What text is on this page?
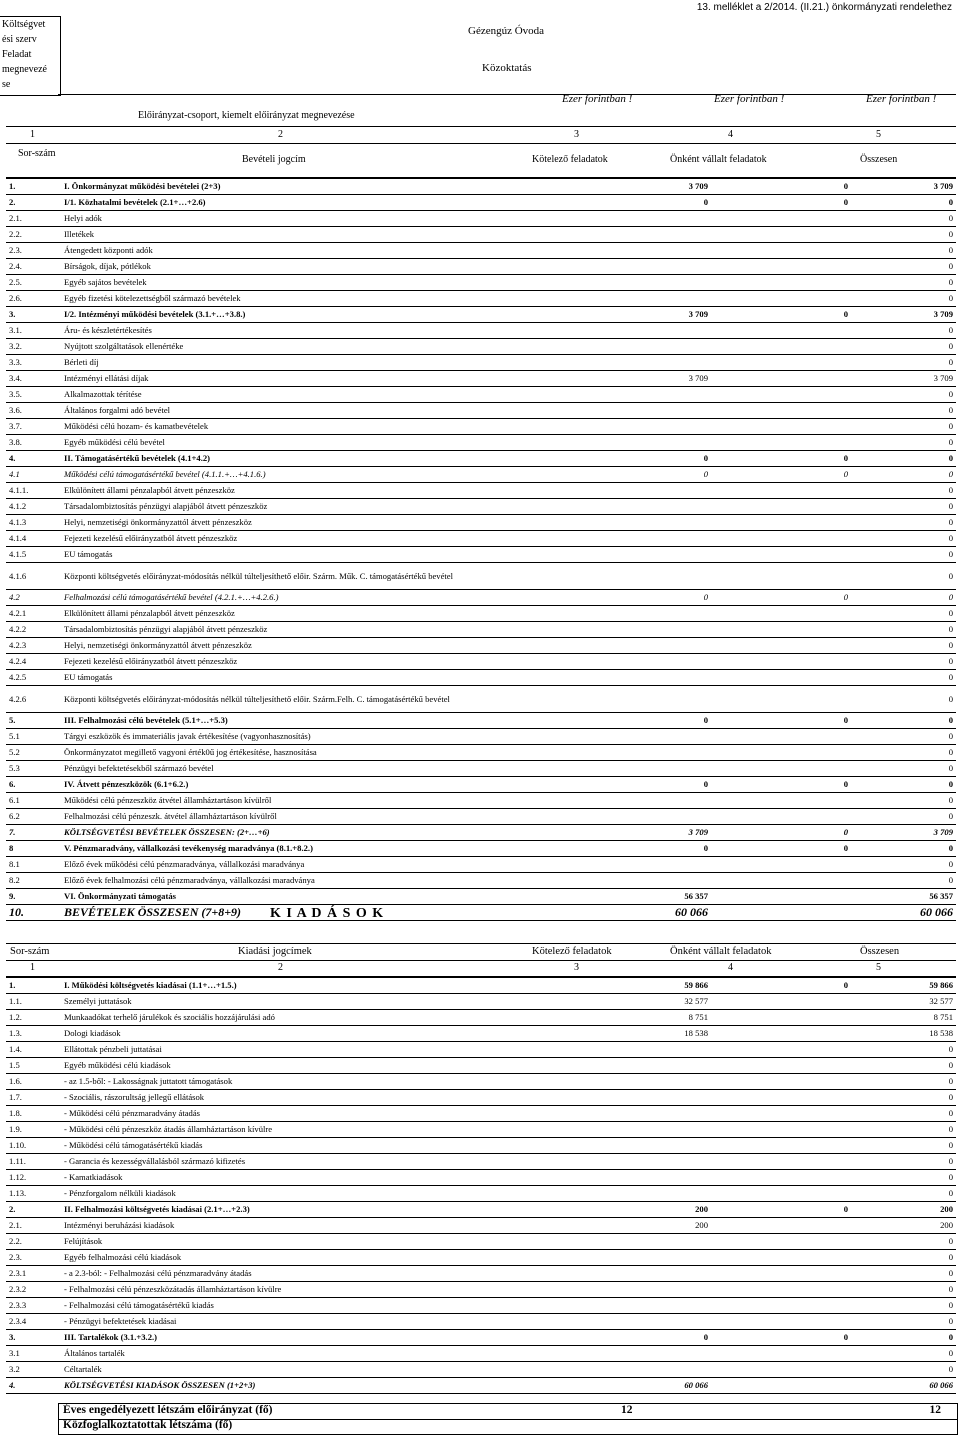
13. melléklet a 2/2014. (II.21.) önkormányzati rendelethez
Költségvet
ési szerv
Feladat
megnevezé
se
Gézengúz Óvoda
Közoktatás
Ezer forintban !	Ezer forintban !	Ezer forintban !
Előirányzat-csoport, kiemelt előirányzat megnevezése
1	2	3	4	5
Sor-szám
Bevételi jogcím	Kötelező feladatok	Önként vállalt feladatok	Összesen
1.	I. Önkormányzat működési bevételei (2+3)	3 709	0	3 709
2.	I/1. Közhatalmi bevételek (2.1+…+2.6)	0	0	0
2.1.	Helyi adók			0
2.2.	Illetékek			0
2.3.	Átengedett központi adók			0
2.4.	Bírságok, díjak, pótlékok			0
2.5.	Egyéb sajátos bevételek			0
2.6.	Egyéb fizetési kötelezettségből származó bevételek			0
3.	I/2. Intézményi működési bevételek (3.1.+…+3.8.)	3 709	0	3 709
3.1.	Áru- és készletértékesítés			0
3.2.	Nyújtott szolgáltatások ellenértéke			0
3.3.	Bérleti díj			0
3.4.	Intézményi ellátási díjak	3 709		3 709
3.5.	Alkalmazottak térítése			0
3.6.	Általános forgalmi adó bevétel			0
3.7.	Működési célú hozam- és kamatbevételek			0
3.8.	Egyéb működési célú bevétel			0
4.	II. Támogatásértékű bevételek (4.1+4.2)	0	0	0
4.1	Működési célú támogatásértékű bevétel (4.1.1.+…+4.1.6.)	0	0	0
4.1.1.	Elkülönített állami pénzalapból átvett pénzeszköz			0
4.1.2	Társadalombiztosítás pénzügyi alapjából átvett pénzeszköz			0
4.1.3	Helyi, nemzetiségi önkormányzattól átvett pénzeszköz			0
4.1.4	Fejezeti kezelésű előirányzatból átvett pénzeszköz			0
4.1.5	EU támogatás			0
4.1.6	Központi költségvetés előirányzat-módosítás nélkül túlteljesíthető előir. Szárm. Műk. C. támogatásértékű bevétel			0
4.2	Felhalmozási célú támogatásértékű bevétel (4.2.1.+…+4.2.6.)	0	0	0
4.2.1	Elkülönített állami pénzalapból átvett pénzeszköz			0
4.2.2	Társadalombiztosítás pénzügyi alapjából átvett pénzeszköz			0
4.2.3	Helyi, nemzetiségi önkormányzattól átvett pénzeszköz			0
4.2.4	Fejezeti kezelésű előirányzatból átvett pénzeszköz			0
4.2.5	EU támogatás			0
4.2.6	Központi költségvetés előirányzat-módosítás nélkül túlteljesíthető előir. Szárm.Felh. C. támogatásértékű bevétel			0
5.	III. Felhalmozási célú bevételek (5.1+…+5.3)	0	0	0
5.1	Tárgyi eszközök és immateriális javak értékesítése (vagyonhasznosítás)			0
5.2	Önkormányzatot megillető vagyoni érték0ű jog értékesítése, hasznosítása			0
5.3	Pénzügyi befektetésekből származó bevétel			0
6.	IV. Átvett pénzeszközök (6.1+6.2.)	0	0	0
6.1	Működési célú pénzeszköz átvétel államháztartáson kívülről			0
6.2	Felhalmozási célú pénzeszk. átvétel államháztartáson kívülről			0
7.	KÖLTSÉGVETÉSI BEVÉTELEK ÖSSZESEN: (2+…+6)	3 709	0	3 709
8	V. Pénzmaradvány, vállalkozási tevékenység maradványa (8.1.+8.2.)	0	0	0
8.1	Előző évek működési célú pénzmaradványa, vállalkozási maradványa			0
8.2	Előző évek felhalmozási célú pénzmaradványa, vállalkozási maradványa			0
9.	VI. Önkormányzati támogatás	56 357		56 357
10.	BEVÉTELEK ÖSSZESEN (7+8+9)	60 066		60 066
K I A D Á S O K
Sor-szám	Kiadási jogcímek	Kötelező feladatok	Önként vállalt feladatok	Összesen
1	2	3	4	5
1.	I. Működési költségvetés kiadásai (1.1+…+1.5.)	59 866	0	59 866
1.1.	Személyi juttatások	32 577		32 577
1.2.	Munkaadókat terhelő járulékok és szociális hozzájárulási adó	8 751		8 751
1.3.	Dologi kiadások	18 538		18 538
1.4.	Ellátottak pénzbeli juttatásai			0
1.5	Egyéb működési célú kiadások			0
1.6.	- az 1.5-ből: - Lakosságnak juttatott támogatások			0
1.7.	- Szociális, rászorultság jellegű ellátások			0
1.8.	- Működési célú pénzmaradvány átadás			0
1.9.	- Működési célú pénzeszköz átadás államháztartáson kívülre			0
1.10.	- Működési célú támogatásértékű kiadás			0
1.11.	- Garancia és kezességvállalásból származó kifizetés			0
1.12.	- Kamatkiadások			0
1.13.	- Pénzforgalom nélküli kiadások			0
2.	II. Felhalmozási költségvetés kiadásai (2.1+…+2.3)	200	0	200
2.1.	Intézményi beruházási kiadások	200		200
2.2.	Felújítások			0
2.3.	Egyéb felhalmozási célú kiadások			0
2.3.1	- a 2.3-ból: - Felhalmozási célú pénzmaradvány átadás			0
2.3.2	- Felhalmozási célú pénzeszközátadás államháztartáson kívülre			0
2.3.3	- Felhalmozási célú támogatásértékű kiadás			0
2.3.4	- Pénzügyi befektetések kiadásai			0
3.	III. Tartalékok (3.1.+3.2.)	0	0	0
3.1	Általános tartalék			0
3.2	Céltartalék			0
4.	KÖLTSÉGVETÉSI KIADÁSOK ÖSSZESEN (1+2+3)	60 066		60 066
Éves engedélyezett létszám előirányzat (fő)	12	12
Közfoglalkoztatottak létszáma (fő)
